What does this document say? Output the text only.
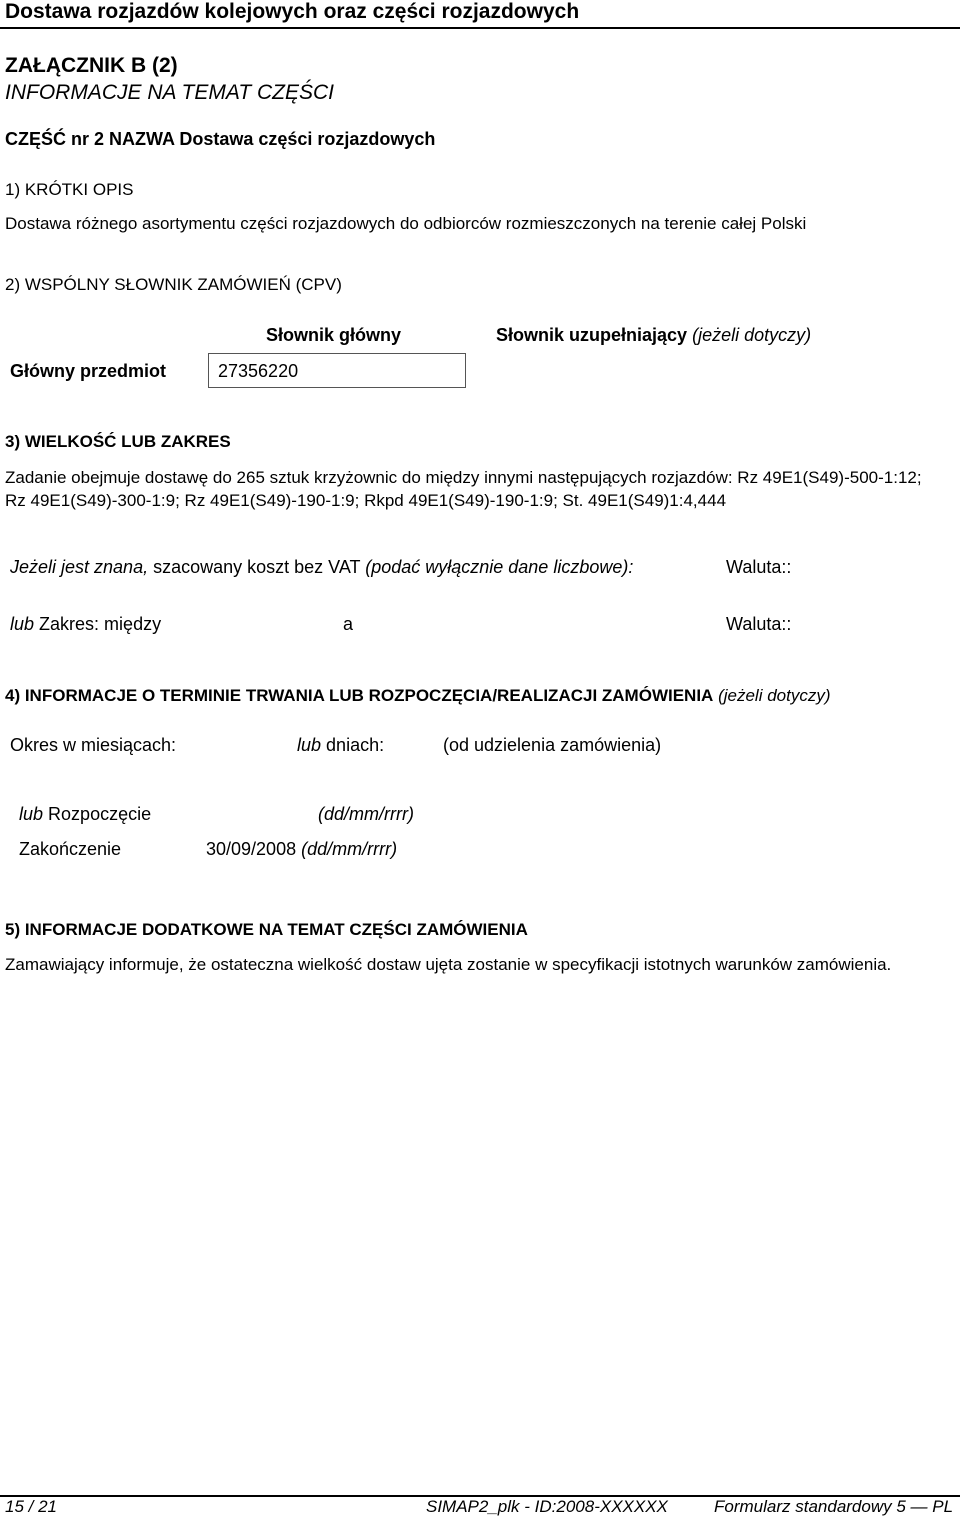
Dostawa rozjazdów kolejowych oraz części rozjazdowych
ZAŁĄCZNIK B (2)
INFORMACJE NA TEMAT CZĘŚCI
CZĘŚĆ nr 2 NAZWA Dostawa części rozjazdowych
1) KRÓTKI OPIS
Dostawa różnego asortymentu części rozjazdowych do odbiorców rozmieszczonych na terenie całej Polski
2) WSPÓLNY SŁOWNIK ZAMÓWIEŃ (CPV)
Słownik główny	Słownik uzupełniający (jeżeli dotyczy)
Główny przedmiot	27356220
3) WIELKOŚĆ LUB ZAKRES
Zadanie obejmuje dostawę do 265 sztuk krzyżownic do między innymi następujących rozjazdów: Rz 49E1(S49)-500-1:12; Rz 49E1(S49)-300-1:9; Rz 49E1(S49)-190-1:9; Rkpd 49E1(S49)-190-1:9; St. 49E1(S49)1:4,444
Jeżeli jest znana, szacowany koszt bez VAT (podać wyłącznie dane liczbowe):	Waluta::
lub Zakres: między	a	Waluta::
4) INFORMACJE O TERMINIE TRWANIA LUB ROZPOCZĘCIA/REALIZACJI ZAMÓWIENIA (jeżeli dotyczy)
Okres w miesiącach:	lub dniach:	(od udzielenia zamówienia)
lub Rozpoczęcie	(dd/mm/rrrr)
Zakończenie	30/09/2008 (dd/mm/rrrr)
5) INFORMACJE DODATKOWE NA TEMAT CZĘŚCI ZAMÓWIENIA
Zamawiający informuje, że ostateczna wielkość dostaw ujęta zostanie w specyfikacji istotnych warunków zamówienia.
15 / 21	SIMAP2_plk - ID:2008-XXXXXX	Formularz standardowy 5 — PL
